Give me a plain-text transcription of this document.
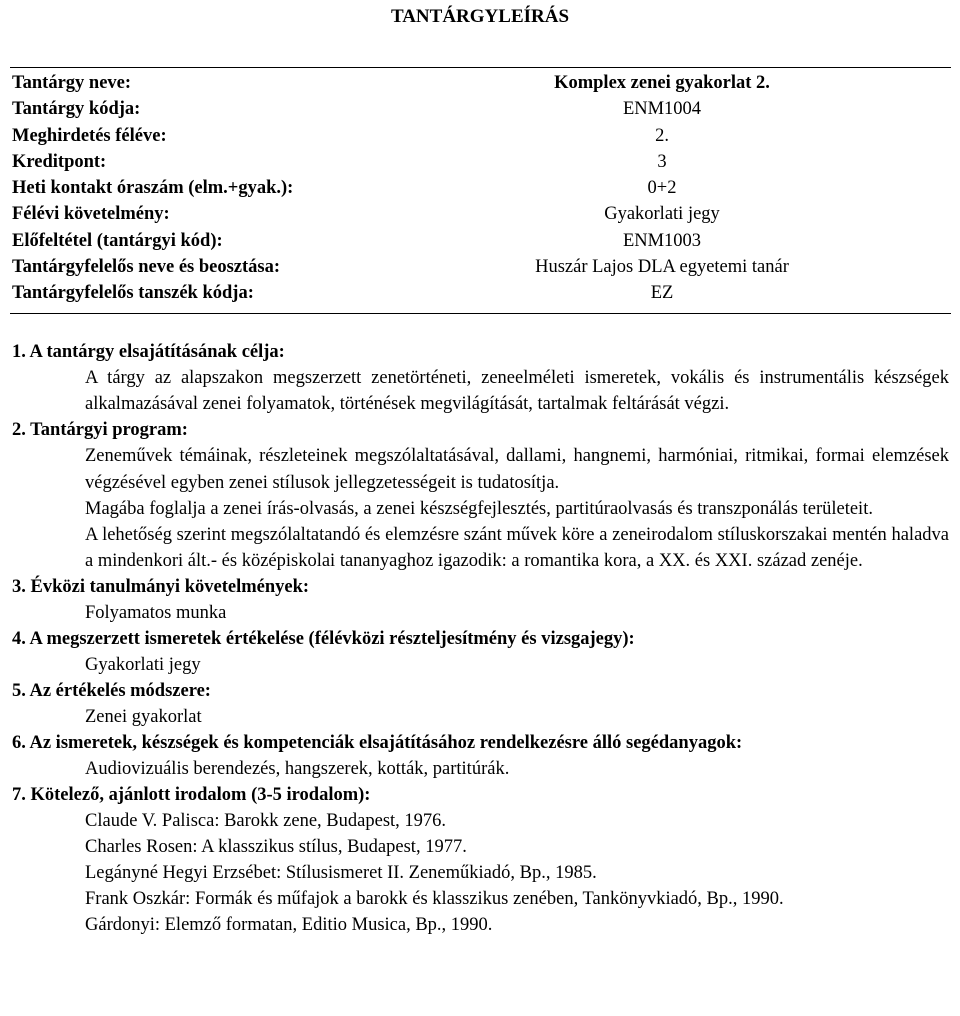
TANTÁRGYLEÍRÁS
Tantárgy neve:	Komplex zenei gyakorlat 2.
Tantárgy kódja:	ENM1004
Meghirdetés féléve:	2.
Kreditpont:	3
Heti kontakt óraszám (elm.+gyak.):	0+2
Félévi követelmény:	Gyakorlati jegy
Előfeltétel (tantárgyi kód):	ENM1003
Tantárgyfelelős neve és beosztása:	Huszár Lajos DLA egyetemi tanár
Tantárgyfelelős tanszék kódja:	EZ
1. A tantárgy elsajátításának célja:
A tárgy az alapszakon megszerzett zenetörténeti, zeneelméleti ismeretek, vokális és instrumentális készségek alkalmazásával zenei folyamatok, történések megvilágítását, tartalmak feltárását végzi.
2. Tantárgyi program:
Zeneművek témáinak, részleteinek megszólaltatásával, dallami, hangnemi, harmóniai, ritmikai, formai elemzések végzésével egyben zenei stílusok jellegzetességeit is tudatosítja.
Magába foglalja a zenei írás-olvasás, a zenei készségfejlesztés, partitúraolvasás és transzponálás területeit.
A lehetőség szerint megszólaltatandó és elemzésre szánt művek köre a zeneirodalom stíluskorszakai mentén haladva a mindenkori ált.- és középiskolai tananyaghoz igazodik: a romantika kora, a XX. és XXI. század zenéje.
3. Évközi tanulmányi követelmények:
Folyamatos munka
4. A megszerzett ismeretek értékelése (félévközi részteljesítmény és vizsgajegy):
Gyakorlati jegy
5. Az értékelés módszere:
Zenei gyakorlat
6. Az ismeretek, készségek és kompetenciák elsajátításához rendelkezésre álló segédanyagok:
Audiovizuális berendezés, hangszerek, kották, partitúrák.
7. Kötelező, ajánlott irodalom (3-5 irodalom):
Claude V. Palisca: Barokk zene, Budapest, 1976.
Charles Rosen: A klasszikus stílus, Budapest, 1977.
Legányné Hegyi Erzsébet: Stílusismeret II. Zeneműkiadó, Bp., 1985.
Frank Oszkár: Formák és műfajok a barokk és klasszikus zenében, Tankönyvkiadó, Bp., 1990.
Gárdonyi: Elemző formatan, Editio Musica, Bp., 1990.
